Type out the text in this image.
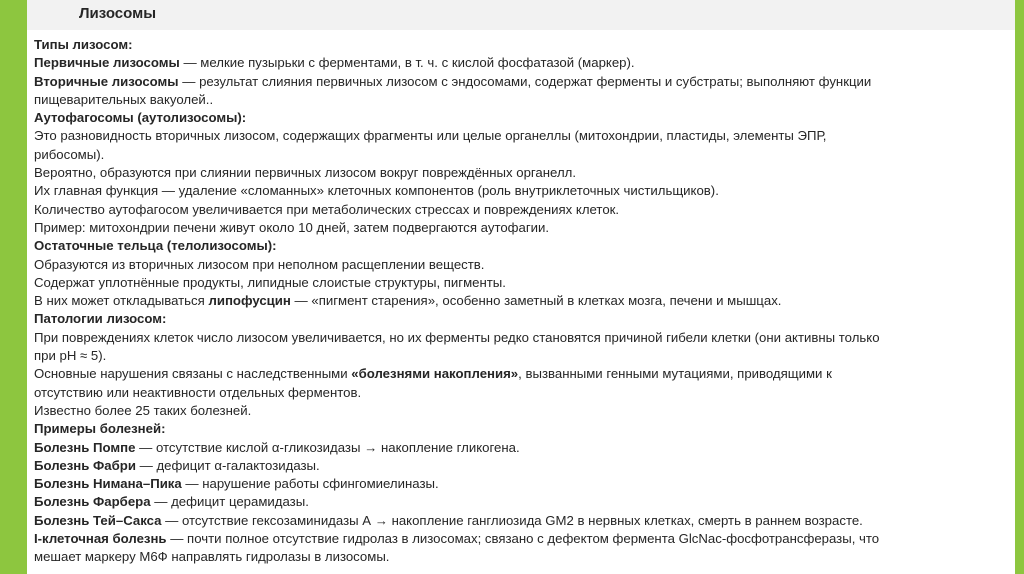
Лизосомы
Типы лизосом:
Первичные лизосомы — мелкие пузырьки с ферментами, в т. ч. с кислой фосфатазой (маркер).
Вторичные лизосомы — результат слияния первичных лизосом с эндосомами, содержат ферменты и субстраты; выполняют функции
пищеварительных вакуолей..
Аутофагосомы (аутолизосомы):
Это разновидность вторичных лизосом, содержащих фрагменты или целые органеллы (митохондрии, пластиды, элементы ЭПР,
рибосомы).
Вероятно, образуются при слиянии первичных лизосом вокруг повреждённых органелл.
Их главная функция — удаление «сломанных» клеточных компонентов (роль внутриклеточных чистильщиков).
Количество аутофагосом увеличивается при метаболических стрессах и повреждениях клеток.
Пример: митохондрии печени живут около 10 дней, затем подвергаются аутофагии.
Остаточные тельца (телолизосомы):
Образуются из вторичных лизосом при неполном расщеплении веществ.
Содержат уплотнённые продукты, липидные слоистые структуры, пигменты.
В них может откладываться липофусцин — «пигмент старения», особенно заметный в клетках мозга, печени и мышцах.
Патологии лизосом:
При повреждениях клеток число лизосом увеличивается, но их ферменты редко становятся причиной гибели клетки (они активны только
при pH ≈ 5).
Основные нарушения связаны с наследственными «болезнями накопления», вызванными генными мутациями, приводящими к
отсутствию или неактивности отдельных ферментов.
Известно более 25 таких болезней.
Примеры болезней:
Болезнь Помпе — отсутствие кислой α-гликозидазы → накопление гликогена.
Болезнь Фабри — дефицит α-галактозидазы.
Болезнь Нимана–Пика — нарушение работы сфингомиелиназы.
Болезнь Фарбера — дефицит церамидазы.
Болезнь Тей–Сакса — отсутствие гексозаминидазы А → накопление ганглиозида GM2 в нервных клетках, смерть в раннем возрасте.
I-клеточная болезнь — почти полное отсутствие гидролаз в лизосомах; связано с дефектом фермента GlcNac-фосфотрансферазы, что
мешает маркеру М6Ф направлять гидролазы в лизосомы.
